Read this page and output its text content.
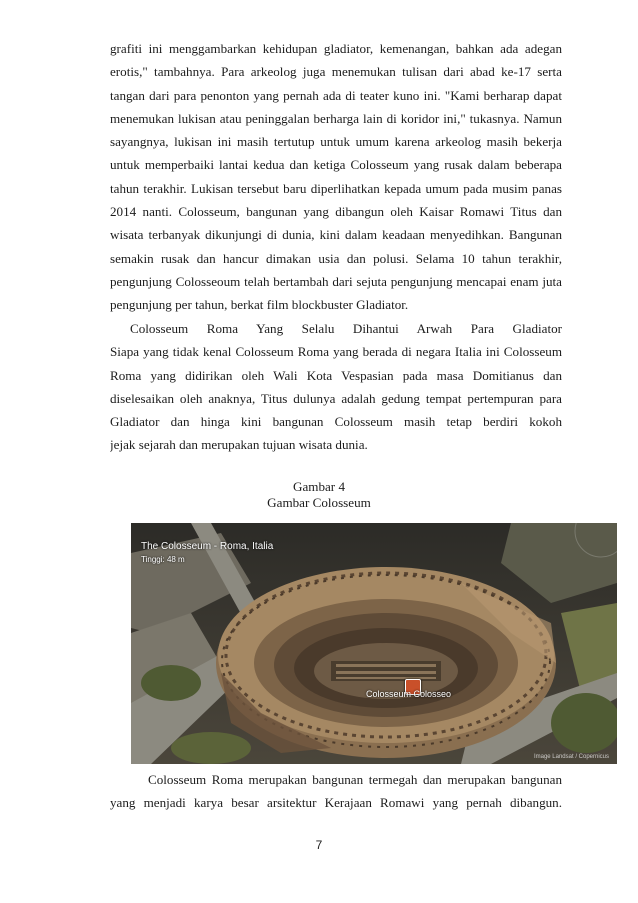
grafiti ini menggambarkan kehidupan gladiator, kemenangan, bahkan ada adegan
erotis," tambahnya. Para arkeolog juga menemukan tulisan dari abad ke-17 serta
tangan dari para penonton yang pernah ada di teater kuno ini. "Kami berharap dapat
menemukan lukisan atau peninggalan berharga lain di koridor ini," tukasnya. Namun
sayangnya, lukisan ini masih tertutup untuk umum karena arkeolog masih bekerja
untuk memperbaiki lantai kedua dan ketiga Colosseum yang rusak dalam beberapa
tahun terakhir. Lukisan tersebut baru diperlihatkan kepada umum pada musim panas
2014 nanti. Colosseum, bangunan yang dibangun oleh Kaisar Romawi Titus dan
wisata terbanyak dikunjungi di dunia, kini dalam keadaan menyedihkan. Bangunan
semakin rusak dan hancur dimakan usia dan polusi. Selama 10 tahun terakhir,
pengunjung Colosseoum telah bertambah dari sejuta pengunjung mencapai enam juta
pengunjung per tahun, berkat film blockbuster Gladiator.
Colosseum Roma Yang Selalu Dihantui Arwah Para Gladiator
Siapa yang tidak kenal Colosseum Roma yang berada di negara Italia ini Colosseum
Roma yang didirikan oleh Wali Kota Vespasian pada masa Domitianus dan
diselesaikan oleh anaknya, Titus dulunya adalah gedung tempat pertempuran para
Gladiator dan hinga kini bangunan Colosseum masih tetap berdiri kokoh
jejak sejarah dan merupakan tujuan wisata dunia.
Gambar 4
Gambar Colosseum
The Colosseum - Roma, Italia
Tinggi: 48 m
Colosseum Colosseo
Image Landsat / Copernicus
Colosseum Roma merupakan bangunan termegah dan merupakan bangunan
yang menjadi karya besar arsitektur Kerajaan Romawi yang pernah dibangun.
7
